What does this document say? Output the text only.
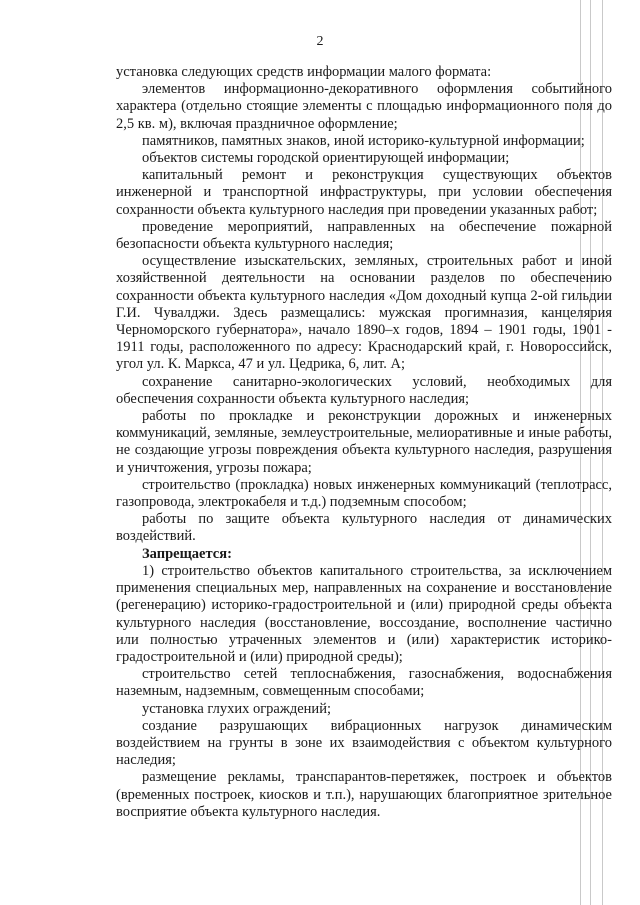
2

установка следующих средств информации малого формата:

элементов информационно-декоративного оформления событийного характера (отдельно стоящие элементы с площадью информационного поля до 2,5 кв. м), включая праздничное оформление;

памятников, памятных знаков, иной историко-культурной информации;

объектов системы городской ориентирующей информации;

капитальный ремонт и реконструкция существующих объектов инженерной и транспортной инфраструктуры, при условии обеспечения сохранности объекта культурного наследия при проведении указанных работ;

проведение мероприятий, направленных на обеспечение пожарной безопасности объекта культурного наследия;

осуществление изыскательских, земляных, строительных работ и иной хозяйственной деятельности на основании разделов по обеспечению сохранности объекта культурного наследия «Дом доходный купца 2-ой гильдии Г.И. Чувалджи. Здесь размещались: мужская прогимназия, канцелярия Черноморского губернатора», начало 1890–х годов, 1894 – 1901 годы, 1901 - 1911 годы, расположенного по адресу: Краснодарский край, г. Новороссийск, угол ул. К. Маркса, 47 и ул. Цедрика, 6, лит. А;

сохранение санитарно-экологических условий, необходимых для обеспечения сохранности объекта культурного наследия;

работы по прокладке и реконструкции дорожных и инженерных коммуникаций, земляные, землеустроительные, мелиоративные и иные работы, не создающие угрозы повреждения объекта культурного наследия, разрушения и уничтожения, угрозы пожара;

строительство (прокладка) новых инженерных коммуникаций (теплотрасс, газопровода, электрокабеля и т.д.) подземным способом;

работы по защите объекта культурного наследия от динамических воздействий.

Запрещается:

1) строительство объектов капитального строительства, за исключением применения специальных мер, направленных на сохранение и восстановление (регенерацию) историко-градостроительной и (или) природной среды объекта культурного наследия (восстановление, воссоздание, восполнение частично или полностью утраченных элементов и (или) характеристик историко-градостроительной и (или) природной среды);

строительство сетей теплоснабжения, газоснабжения, водоснабжения наземным, надземным, совмещенным способами;

установка глухих ограждений;

создание разрушающих вибрационных нагрузок динамическим воздействием на грунты в зоне их взаимодействия с объектом культурного наследия;

размещение рекламы, транспарантов-перетяжек, построек и объектов (временных построек, киосков и т.п.), нарушающих благоприятное зрительное восприятие объекта культурного наследия.
